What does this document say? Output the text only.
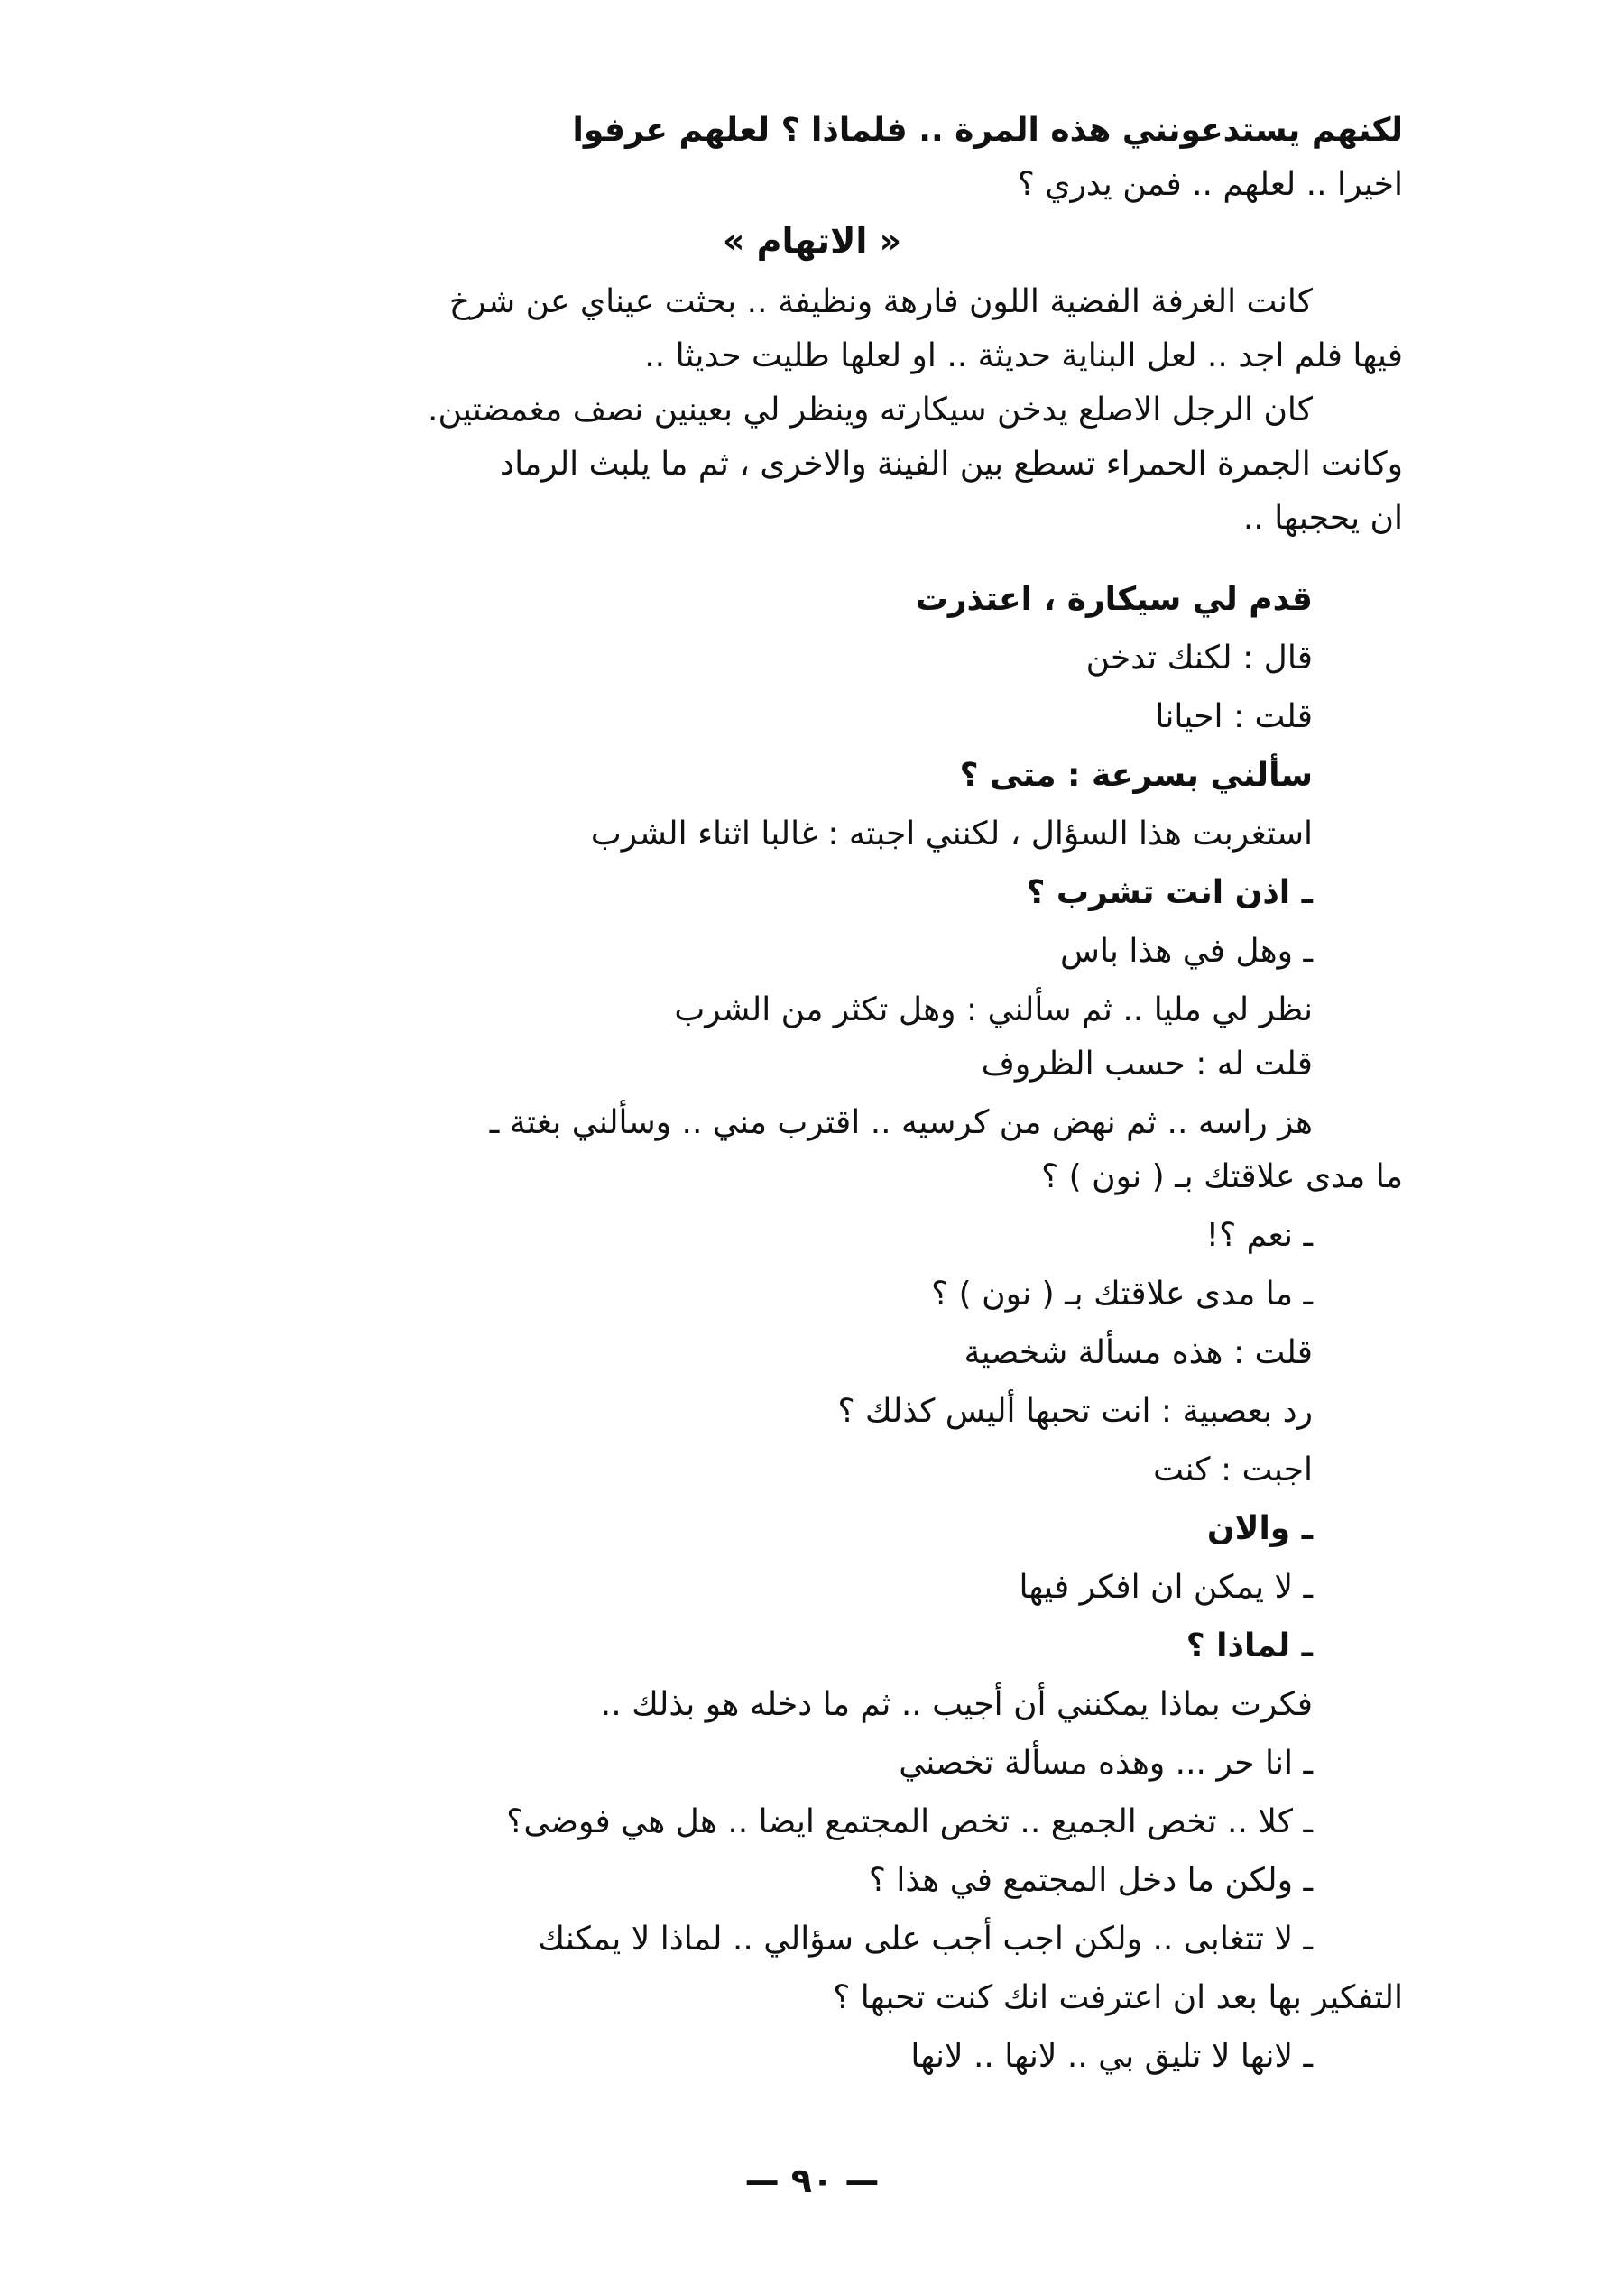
لكنهم يستدعونني هذه المرة .. فلماذا ؟ لعلهم عرفوا
اخيرا .. لعلهم .. فمن يدري ؟
« الاتهام »
كانت الغرفة الفضية اللون فارهة ونظيفة .. بحثت عيناي عن شرخ
فيها فلم اجد .. لعل البناية حديثة .. او لعلها طليت حديثا ..
كان الرجل الاصلع يدخن سيكارته وينظر لي بعينين نصف مغمضتين.
وكانت الجمرة الحمراء تسطع بين الفينة والاخرى ، ثم ما يلبث الرماد
ان يحجبها ..
قدم لي سيكارة ، اعتذرت
قال : لكنك تدخن
قلت : احيانا
سألني بسرعة : متى ؟
استغربت هذا السؤال ، لكنني اجبته : غالبا اثناء الشرب
ـ اذن انت تشرب ؟
ـ وهل في هذا باس
نظر لي مليا .. ثم سألني : وهل تكثر من الشرب
قلت له : حسب الظروف
هز راسه .. ثم نهض من كرسيه .. اقترب مني .. وسألني بغتة ـ
ما مدى علاقتك بـ ( نون ) ؟
ـ نعم ؟!
ـ ما مدى علاقتك بـ ( نون ) ؟
قلت : هذه مسألة شخصية
رد بعصبية : انت تحبها أليس كذلك ؟
اجبت : كنت
ـ والان
ـ لا يمكن ان افكر فيها
ـ لماذا ؟
فكرت بماذا يمكنني أن أجيب .. ثم ما دخله هو بذلك ..
ـ انا حر ... وهذه مسألة تخصني
ـ كلا .. تخص الجميع .. تخص المجتمع ايضا .. هل هي فوضى؟
ـ ولكن ما دخل المجتمع في هذا ؟
ـ لا تتغابى .. ولكن اجب أجب على سؤالي .. لماذا لا يمكنك
التفكير بها بعد ان اعترفت انك كنت تحبها ؟
ـ لانها لا تليق بي .. لانها .. لانها
— ٩٠ —
